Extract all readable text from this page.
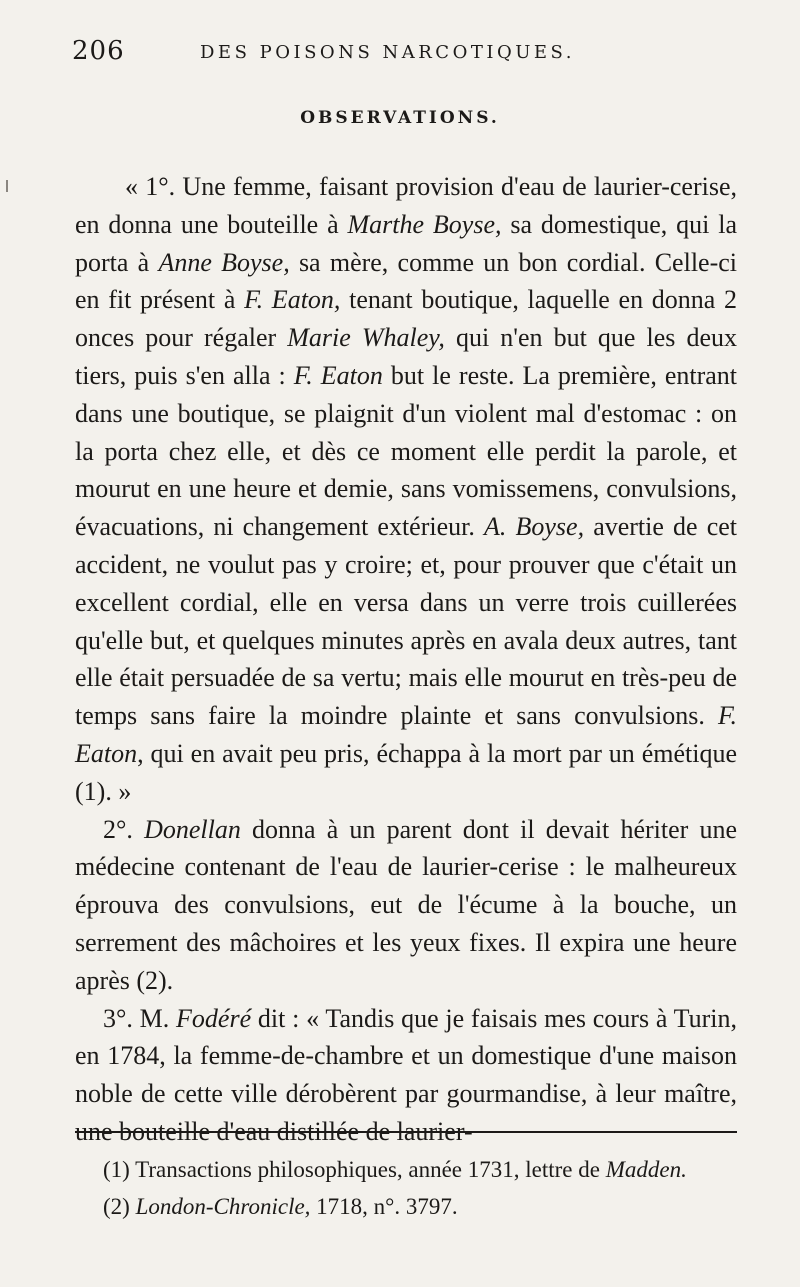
206	DES POISONS NARCOTIQUES.
OBSERVATIONS.

« 1°. Une femme, faisant provision d'eau de laurier-cerise, en donna une bouteille à Marthe Boyse, sa domestique, qui la porta à Anne Boyse, sa mère, comme un bon cordial. Celle-ci en fit présent à F. Eaton, tenant boutique, laquelle en donna 2 onces pour régaler Marie Whaley, qui n'en but que les deux tiers, puis s'en alla : F. Eaton but le reste. La première, entrant dans une boutique, se plaignit d'un violent mal d'estomac : on la porta chez elle, et dès ce moment elle perdit la parole, et mourut en une heure et demie, sans vomissemens, convulsions, évacuations, ni changement extérieur. A. Boyse, avertie de cet accident, ne voulut pas y croire; et, pour prouver que c'était un excellent cordial, elle en versa dans un verre trois cuillerées qu'elle but, et quelques minutes après en avala deux autres, tant elle était persuadée de sa vertu; mais elle mourut en très-peu de temps sans faire la moindre plainte et sans convulsions. F. Eaton, qui en avait peu pris, échappa à la mort par un émétique (1). »

2°. Donellan donna à un parent dont il devait hériter une médecine contenant de l'eau de laurier-cerise : le malheureux éprouva des convulsions, eut de l'écume à la bouche, un serrement des mâchoires et les yeux fixes. Il expira une heure après (2).

3°. M. Fodéré dit : « Tandis que je faisais mes cours à Turin, en 1784, la femme-de-chambre et un domestique d'une maison noble de cette ville dérobèrent par gourmandise, à leur maître, une bouteille d'eau distillée de laurier-

(1) Transactions philosophiques, année 1731, lettre de Madden.

(2) London-Chronicle, 1718, n°. 3797.
